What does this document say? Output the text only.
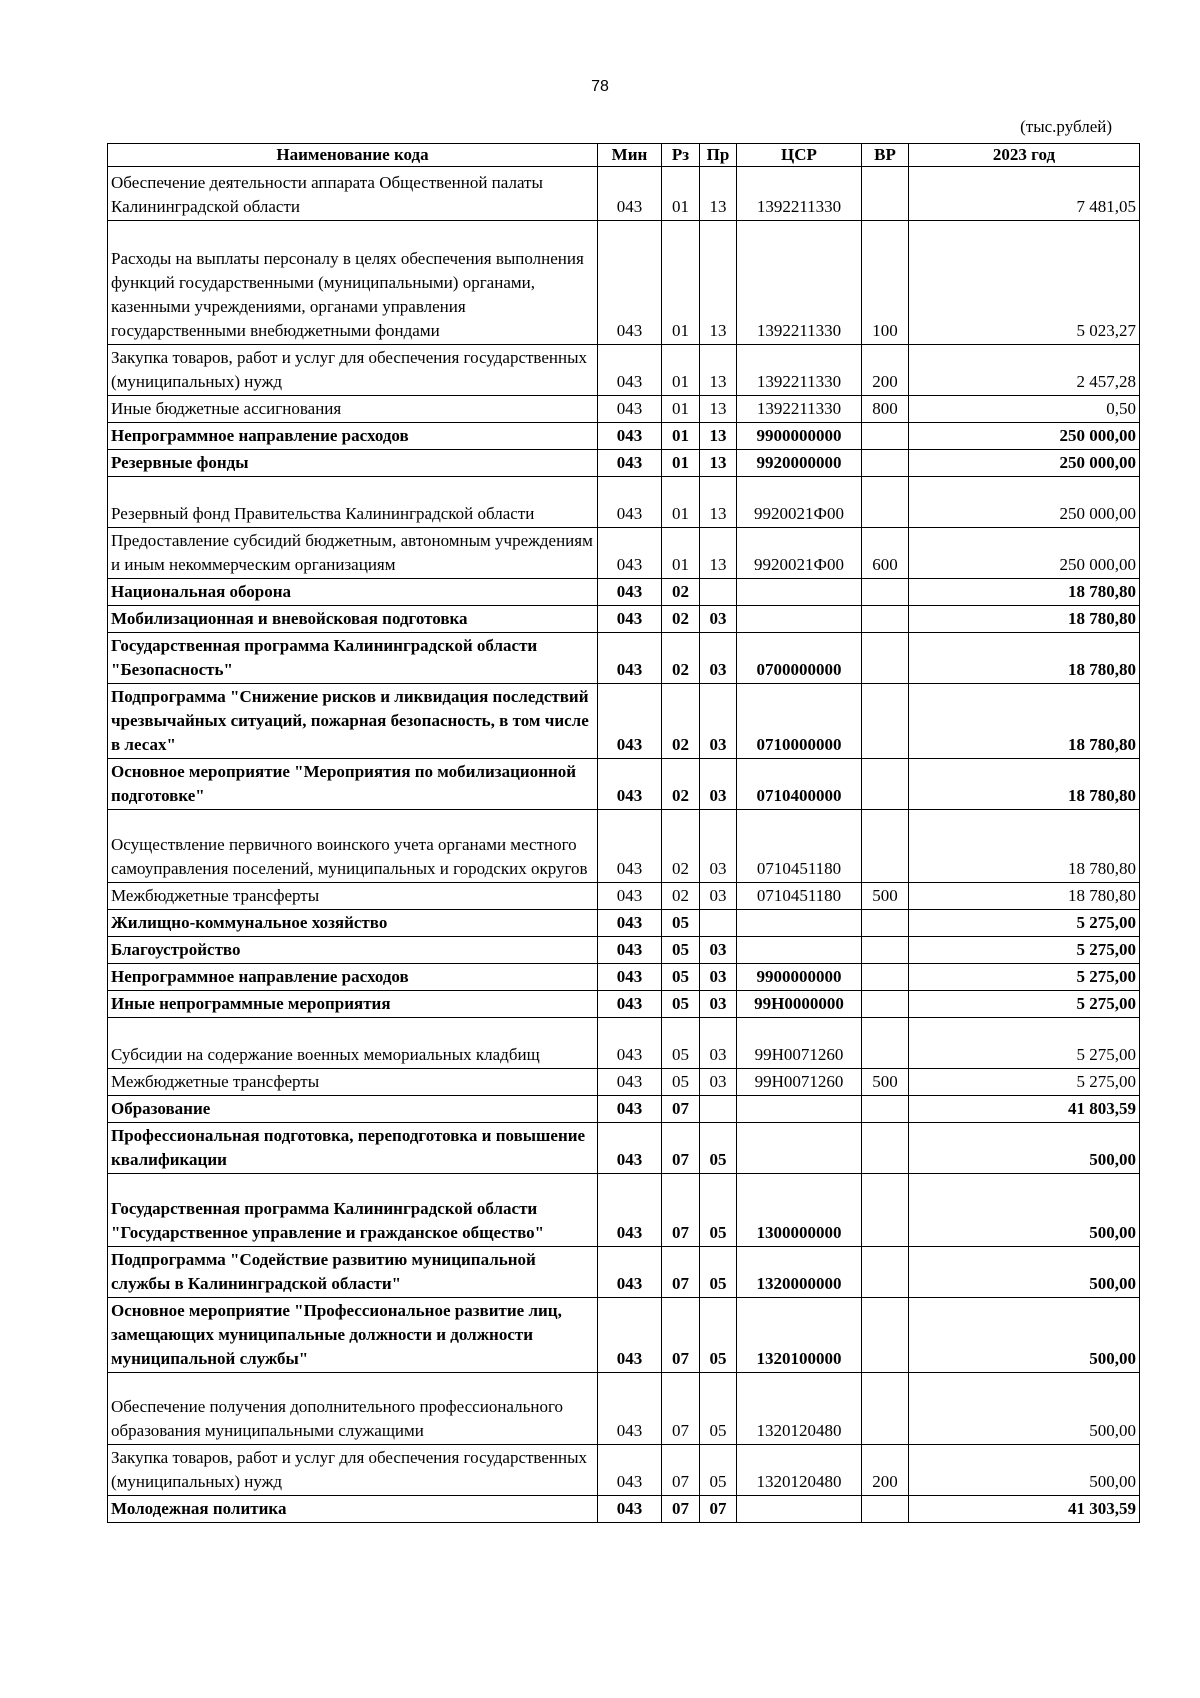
78
(тыс.рублей)
Наименование кода	Мин	Рз	Пр	ЦСР	ВР	2023 год
Обеспечение деятельности аппарата Общественной палаты Калининградской области	043	01	13	1392211330		7 481,05
Расходы на выплаты персоналу в целях обеспечения выполнения функций государственными (муниципальными) органами, казенными учреждениями, органами управления государственными внебюджетными фондами	043	01	13	1392211330	100	5 023,27
Закупка товаров, работ и услуг для обеспечения государственных (муниципальных) нужд	043	01	13	1392211330	200	2 457,28
Иные бюджетные ассигнования	043	01	13	1392211330	800	0,50
Непрограммное направление расходов	043	01	13	9900000000		250 000,00
Резервные фонды	043	01	13	9920000000		250 000,00
Резервный фонд Правительства Калининградской области	043	01	13	9920021Ф00		250 000,00
Предоставление субсидий бюджетным, автономным учреждениям и иным некоммерческим организациям	043	01	13	9920021Ф00	600	250 000,00
Национальная оборона	043	02				18 780,80
Мобилизационная и вневойсковая подготовка	043	02	03			18 780,80
Государственная программа Калининградской области "Безопасность"	043	02	03	0700000000		18 780,80
Подпрограмма "Снижение рисков и ликвидация последствий чрезвычайных ситуаций, пожарная безопасность, в том числе в лесах"	043	02	03	0710000000		18 780,80
Основное мероприятие "Мероприятия по мобилизационной подготовке"	043	02	03	0710400000		18 780,80
Осуществление первичного воинского учета органами местного самоуправления поселений, муниципальных и городских округов	043	02	03	0710451180		18 780,80
Межбюджетные трансферты	043	02	03	0710451180	500	18 780,80
Жилищно-коммунальное хозяйство	043	05				5 275,00
Благоустройство	043	05	03			5 275,00
Непрограммное направление расходов	043	05	03	9900000000		5 275,00
Иные непрограммные мероприятия	043	05	03	99Н0000000		5 275,00
Субсидии на содержание военных мемориальных кладбищ	043	05	03	99Н0071260		5 275,00
Межбюджетные трансферты	043	05	03	99Н0071260	500	5 275,00
Образование	043	07				41 803,59
Профессиональная подготовка, переподготовка и повышение квалификации	043	07	05			500,00
Государственная программа Калининградской области "Государственное управление и гражданское общество"	043	07	05	1300000000		500,00
Подпрограмма "Содействие развитию муниципальной службы в Калининградской области"	043	07	05	1320000000		500,00
Основное мероприятие "Профессиональное развитие лиц, замещающих муниципальные должности и должности муниципальной службы"	043	07	05	1320100000		500,00
Обеспечение получения дополнительного профессионального образования муниципальными служащими	043	07	05	1320120480		500,00
Закупка товаров, работ и услуг для обеспечения государственных (муниципальных) нужд	043	07	05	1320120480	200	500,00
Молодежная политика	043	07	07			41 303,59
